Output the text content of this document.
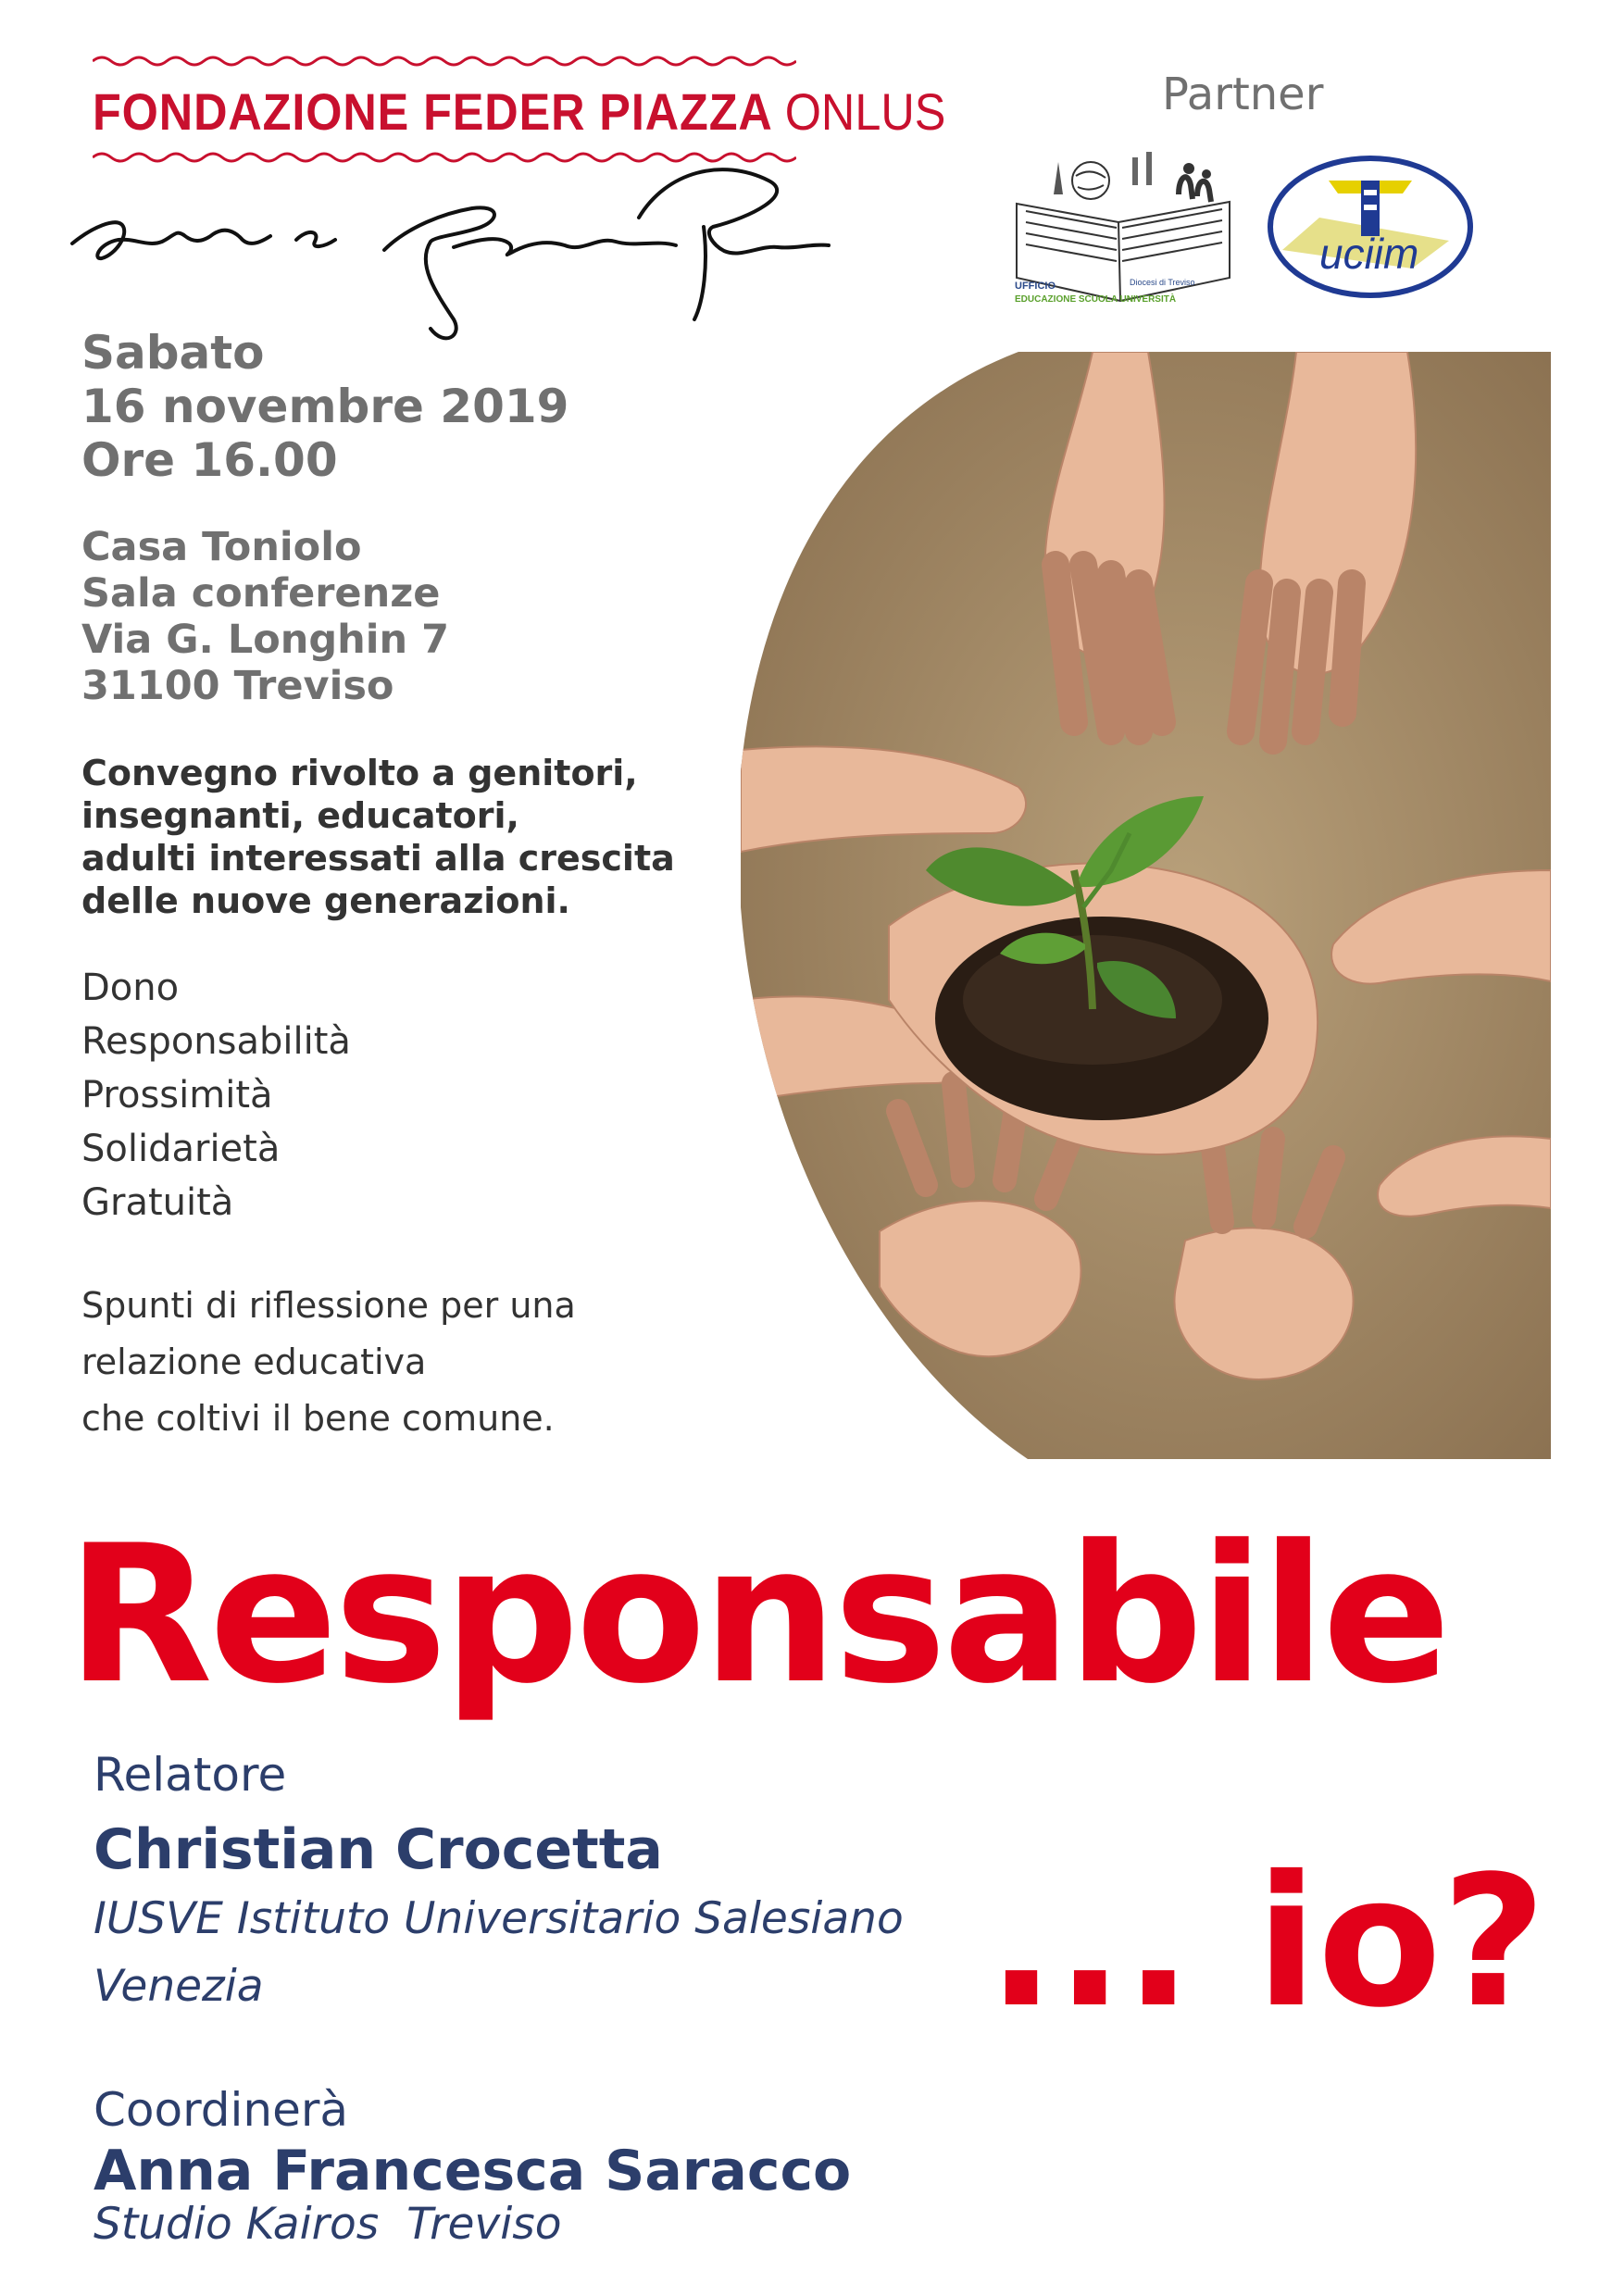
FONDAZIONE FEDER PIAZZA ONLUS	Partner
UFFICIO	Diocesi di Treviso
EDUCAZIONE SCUOLA UNIVERSITÀ
uciim
Sabato
16 novembre 2019
Ore 16.00
Casa Toniolo
Sala conferenze
Via G. Longhin 7
31100 Treviso
Convegno rivolto a genitori,
insegnanti, educatori,
adulti interessati alla crescita
delle nuove generazioni.
Dono
Responsabilità
Prossimità
Solidarietà
Gratuità
Spunti di riflessione per una
relazione educativa
che coltivi il bene comune.
Responsabile
... io?
Relatore
Christian Crocetta
IUSVE Istituto Universitario Salesiano
Venezia
Coordinerà
Anna Francesca Saracco
Studio Kairos  Treviso
